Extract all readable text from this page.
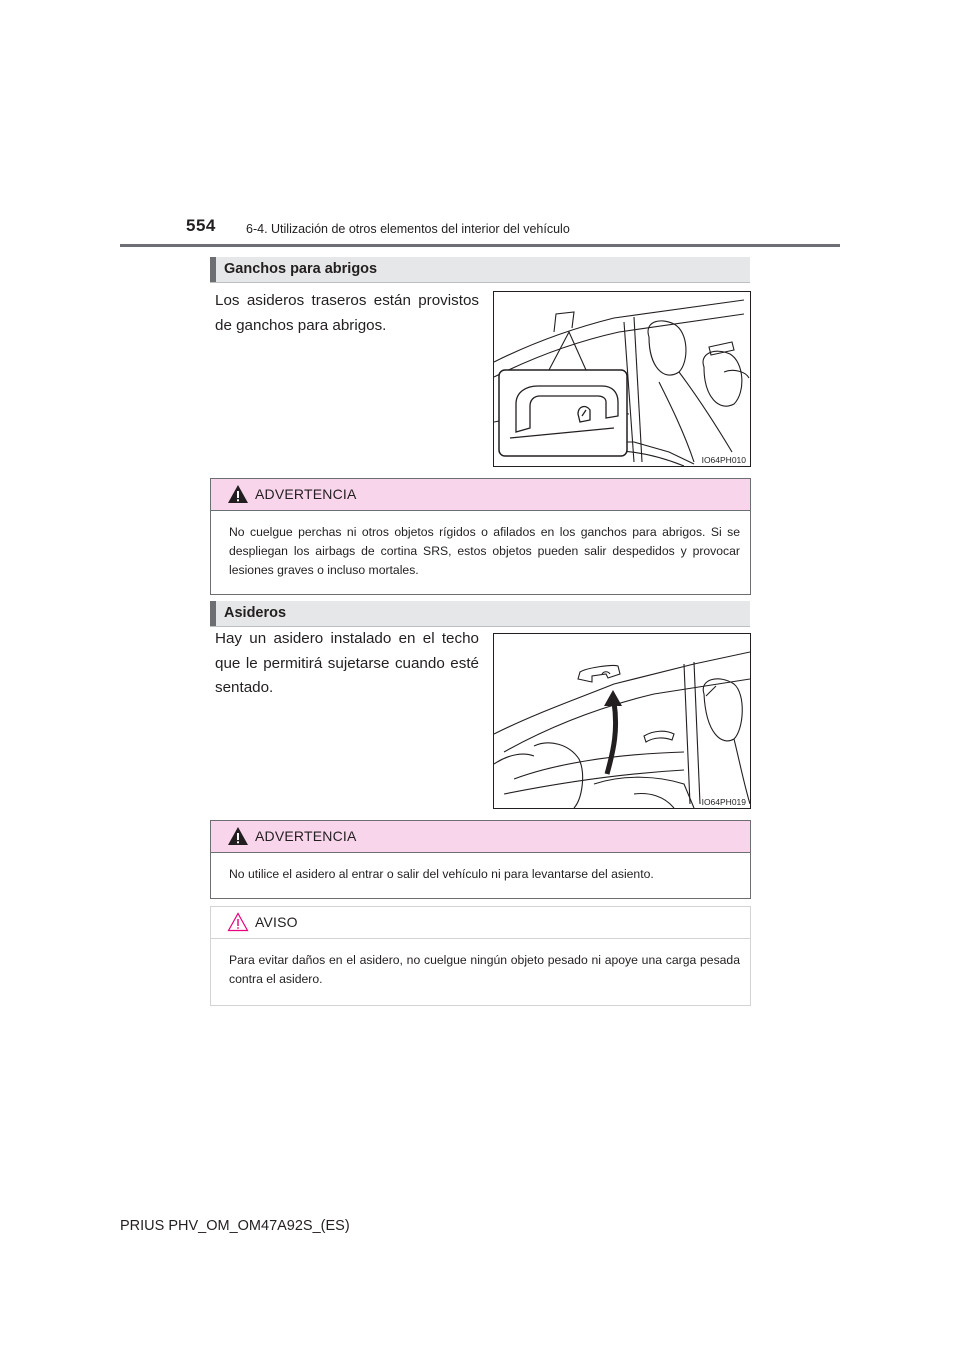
554 6-4. Utilización de otros elementos del interior del vehículo
Ganchos para abrigos
Los asideros traseros están provistos de ganchos para abrigos.
IO64PH010
ADVERTENCIA
No cuelgue perchas ni otros objetos rígidos o afilados en los ganchos para abrigos. Si se despliegan los airbags de cortina SRS, estos objetos pueden salir despedidos y provocar lesiones graves o incluso mortales.
Asideros
Hay un asidero instalado en el techo que le permitirá sujetarse cuando esté sentado.
IO64PH019
ADVERTENCIA
No utilice el asidero al entrar o salir del vehículo ni para levantarse del asiento.
AVISO
Para evitar daños en el asidero, no cuelgue ningún objeto pesado ni apoye una carga pesada contra el asidero.
PRIUS PHV_OM_OM47A92S_(ES)
